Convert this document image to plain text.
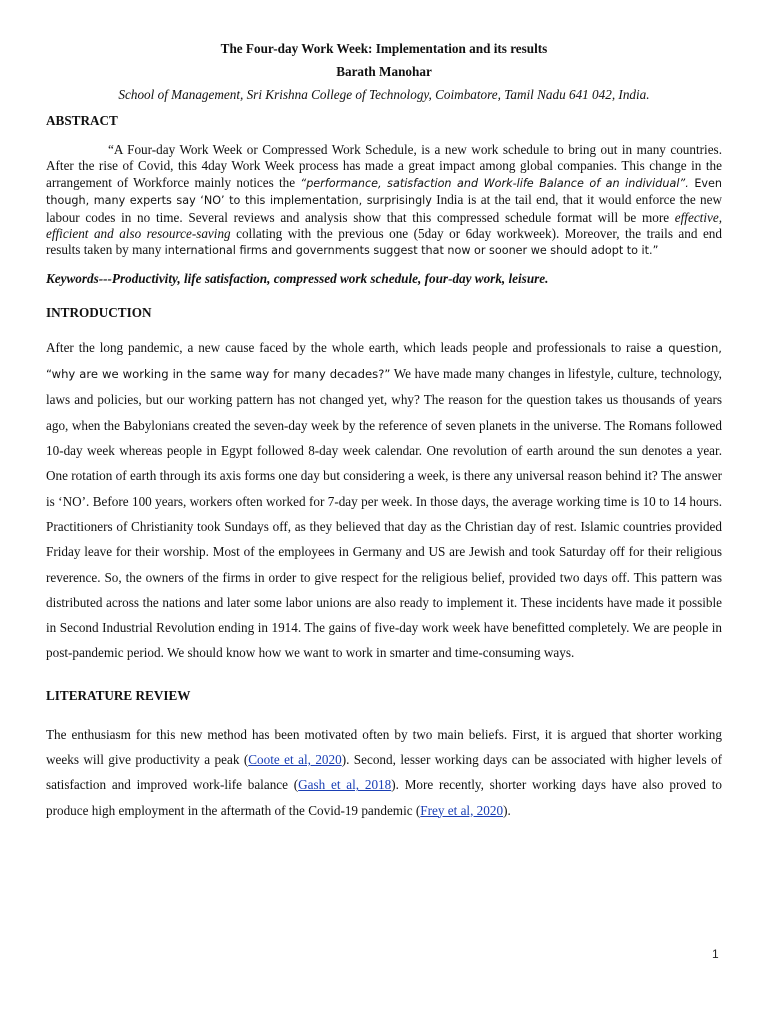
The Four-day Work Week: Implementation and its results
Barath Manohar
School of Management, Sri Krishna College of Technology, Coimbatore, Tamil Nadu 641 042, India.
ABSTRACT

“A Four-day Work Week or Compressed Work Schedule, is a new work schedule to bring out in many countries. After the rise of Covid, this 4day Work Week process has made a great impact among global companies. This change in the arrangement of Workforce mainly notices the “performance, satisfaction and Work-life Balance of an individual”. Even though, many experts say ‘NO’ to this implementation, surprisingly India is at the tail end, that it would enforce the new labour codes in no time. Several reviews and analysis show that this compressed schedule format will be more effective, efficient and also resource-saving collating with the previous one (5day or 6day workweek). Moreover, the trails and end results taken by many international firms and governments suggest that now or sooner we should adopt to it.”

Keywords---Productivity, life satisfaction, compressed work schedule, four-day work, leisure.
INTRODUCTION

After the long pandemic, a new cause faced by the whole earth, which leads people and professionals to raise a question, “why are we working in the same way for many decades?” We have made many changes in lifestyle, culture, technology, laws and policies, but our working pattern has not changed yet, why? The reason for the question takes us thousands of years ago, when the Babylonians created the seven-day week by the reference of seven planets in the universe. The Romans followed 10-day week whereas people in Egypt followed 8-day week calendar. One revolution of earth around the sun denotes a year. One rotation of earth through its axis forms one day but considering a week, is there any universal reason behind it? The answer is ‘NO’. Before 100 years, workers often worked for 7-day per week. In those days, the average working time is 10 to 14 hours. Practitioners of Christianity took Sundays off, as they believed that day as the Christian day of rest. Islamic countries provided Friday leave for their worship. Most of the employees in Germany and US are Jewish and took Saturday off for their religious reverence. So, the owners of the firms in order to give respect for the religious belief, provided two days off. This pattern was distributed across the nations and later some labor unions are also ready to implement it. These incidents have made it possible in Second Industrial Revolution ending in 1914. The gains of five-day work week have benefitted completely. We are people in post-pandemic period. We should know how we want to work in smarter and time-consuming ways.

LITERATURE REVIEW

The enthusiasm for this new method has been motivated often by two main beliefs. First, it is argued that shorter working weeks will give productivity a peak (Coote et al, 2020). Second, lesser working days can be associated with higher levels of satisfaction and improved work-life balance (Gash et al, 2018). More recently, shorter working days have also proved to produce high employment in the aftermath of the Covid-19 pandemic (Frey et al, 2020).

1
